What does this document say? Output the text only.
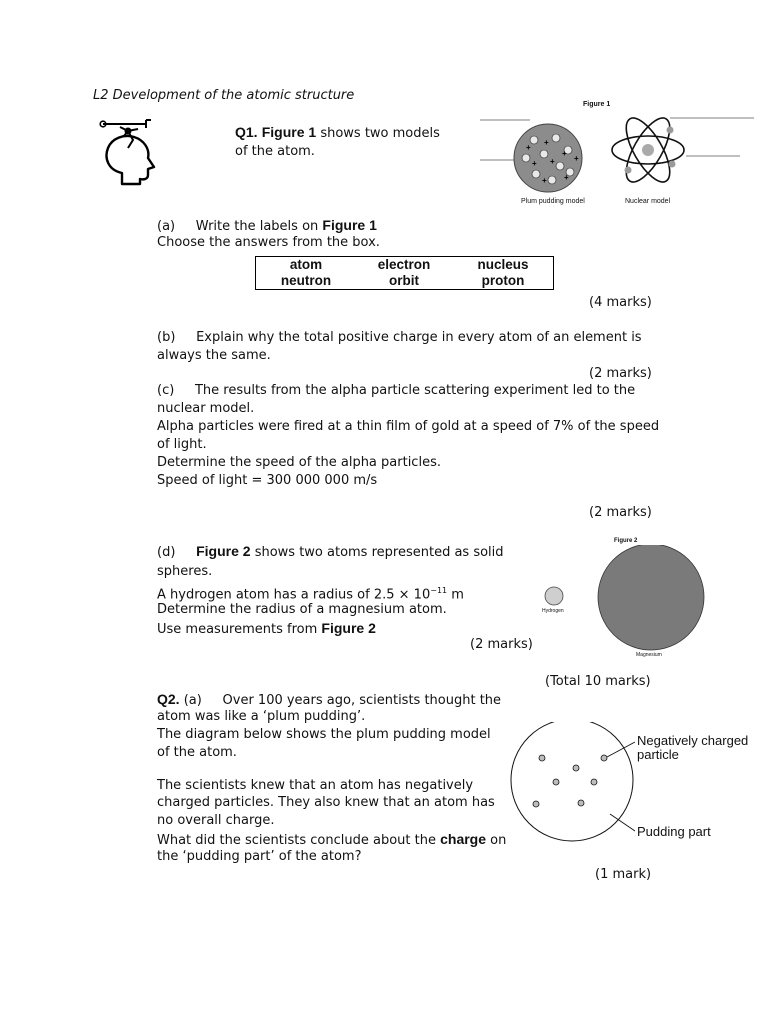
L2 Development of the atomic structure
Q1. Figure 1 shows two models
of the atom.
Figure 1
+
+
+ + +
+ +
+
Plum pudding model	Nuclear model
(a) Write the labels on Figure 1
Choose the answers from the box.
atom	electron	nucleus
neutron	orbit	proton
(4 marks)
(b) Explain why the total positive charge in every atom of an element is
always the same.
(2 marks)
(c) The results from the alpha particle scattering experiment led to the
nuclear model.
Alpha particles were fired at a thin film of gold at a speed of 7% of the speed
of light.
Determine the speed of the alpha particles.
Speed of light = 300 000 000 m/s
(2 marks)
(d) Figure 2 shows two atoms represented as solid
spheres.
A hydrogen atom has a radius of $2.5 \times 10^{-11}$ m
Determine the radius of a magnesium atom.
Use measurements from Figure 2
(2 marks)
Figure 2
Hydrogen
Magnesium
(Total 10 marks)
Q2. (a) Over 100 years ago, scientists thought the
atom was like a ‘plum pudding’.
The diagram below shows the plum pudding model
of the atom.
The scientists knew that an atom has negatively
charged particles. They also knew that an atom has
no overall charge.
What did the scientists conclude about the charge on
the ‘pudding part’ of the atom?
(1 mark)
Negatively charged
particle
Pudding part
